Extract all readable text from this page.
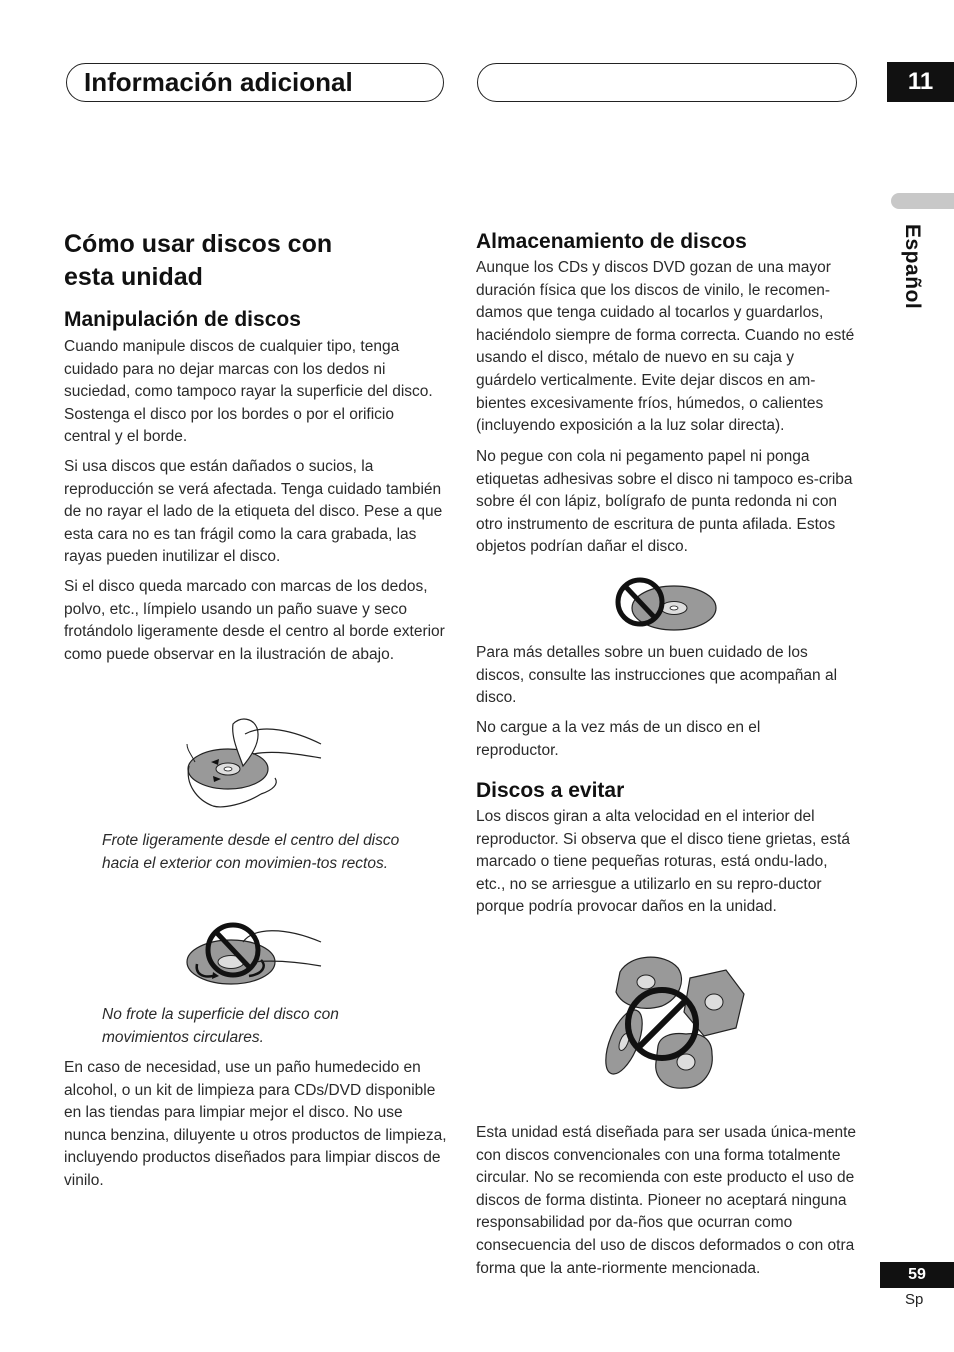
Información adicional	11
Español
Cómo usar discos con
esta unidad
Manipulación de discos

Cuando manipule discos de cualquier tipo, tenga cuidado para no dejar marcas con los dedos ni suciedad, como tampoco rayar la superficie del disco. Sostenga el disco por los bordes o por el orificio central y el borde.

Si usa discos que están dañados o sucios, la reproducción se verá afectada. Tenga cuidado también de no rayar el lado de la etiqueta del disco. Pese a que esta cara no es tan frágil como la cara grabada, las rayas pueden inutilizar el disco.

Si el disco queda marcado con marcas de los dedos, polvo, etc., límpielo usando un paño suave y seco frotándolo ligeramente desde el centro al borde exterior como puede observar en la ilustración de abajo.

Frote ligeramente desde el centro del disco hacia el exterior con movimien-tos rectos.

No frote la superficie del disco con movimientos circulares.

En caso de necesidad, use un paño humedecido en alcohol, o un kit de limpieza para CDs/DVD disponible en las tiendas para limpiar mejor el disco. No use nunca benzina, diluyente u otros productos de limpieza, incluyendo productos diseñados para limpiar discos de vinilo.

Almacenamiento de discos

Aunque los CDs y discos DVD gozan de una mayor duración física que los discos de vinilo, le recomen-damos que tenga cuidado al tocarlos y guardarlos, haciéndolo siempre de forma correcta. Cuando no esté usando el disco, métalo de nuevo en su caja y guárdelo verticalmente. Evite dejar discos en am-bientes excesivamente fríos, húmedos, o calientes (incluyendo exposición a la luz solar directa).

No pegue con cola ni pegamento papel ni ponga etiquetas adhesivas sobre el disco ni tampoco es-criba sobre él con lápiz, bolígrafo de punta redonda ni con otro instrumento de escritura de punta afilada. Estos objetos podrían dañar el disco.

Para más detalles sobre un buen cuidado de los discos, consulte las instrucciones que acompañan al disco.

No cargue a la vez más de un disco en el reproductor.

Discos a evitar

Los discos giran a alta velocidad en el interior del reproductor. Si observa que el disco tiene grietas, está marcado o tiene pequeñas roturas, está ondu-lado, etc., no se arriesgue a utilizarlo en su repro-ductor porque podría provocar daños en la unidad.

Esta unidad está diseñada para ser usada única-mente con discos convencionales con una forma totalmente circular. No se recomienda con este producto el uso de discos de forma distinta. Pioneer no aceptará ninguna responsabilidad por da-ños que ocurran como consecuencia del uso de discos deformados o con otra forma que la ante-riormente mencionada.	59
Sp
